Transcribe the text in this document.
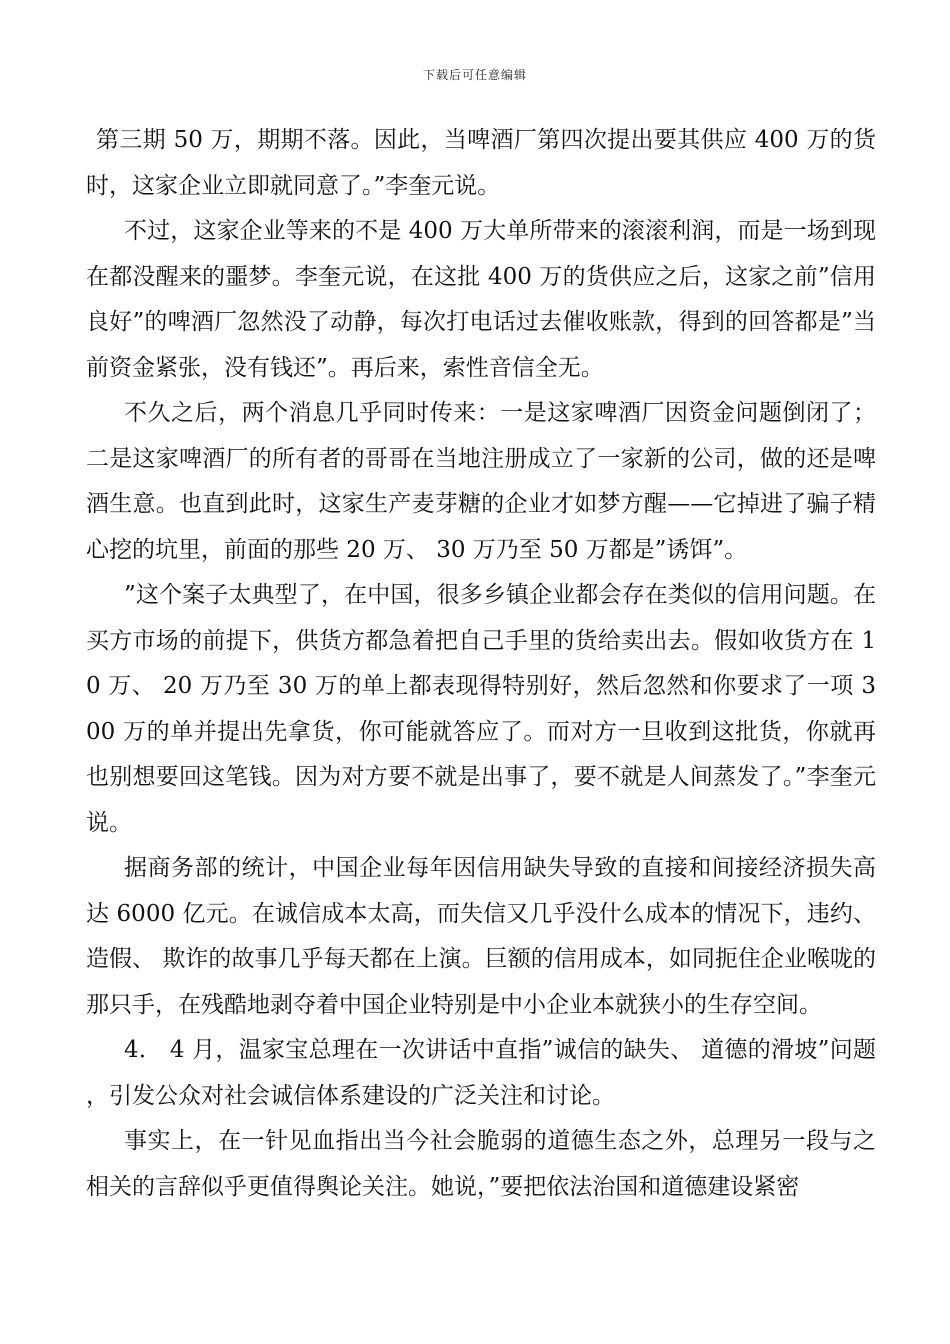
下载后可任意编辑

第三期 50 万，期期不落。因此，当啤酒厂第四次提出要其供应 400 万的货时，这家企业立即就同意了。”李奎元说。

不过，这家企业等来的不是 400 万大单所带来的滚滚利润，而是一场到现在都没醒来的噩梦。李奎元说，在这批 400 万的货供应之后，这家之前”信用良好”的啤酒厂忽然没了动静，每次打电话过去催收账款，得到的回答都是”当前资金紧张，没有钱还”。再后来，索性音信全无。

不久之后，两个消息几乎同时传来：一是这家啤酒厂因资金问题倒闭了；二是这家啤酒厂的所有者的哥哥在当地注册成立了一家新的公司，做的还是啤酒生意。也直到此时，这家生产麦芽糖的企业才如梦方醒——它掉进了骗子精心挖的坑里，前面的那些 20 万、 30 万乃至 50 万都是”诱饵”。

”这个案子太典型了，在中国，很多乡镇企业都会存在类似的信用问题。在买方市场的前提下，供货方都急着把自己手里的货给卖出去。假如收货方在 10 万、 20 万乃至 30 万的单上都表现得特别好，然后忽然和你要求了一项 300 万的单并提出先拿货，你可能就答应了。而对方一旦收到这批货，你就再也别想要回这笔钱。因为对方要不就是出事了，要不就是人间蒸发了。”李奎元说。

据商务部的统计，中国企业每年因信用缺失导致的直接和间接经济损失高达 6000 亿元。在诚信成本太高，而失信又几乎没什么成本的情况下，违约、 造假、 欺诈的故事几乎每天都在上演。巨额的信用成本，如同扼住企业喉咙的那只手，在残酷地剥夺着中国企业特别是中小企业本就狭小的生存空间。

4． 4 月，温家宝总理在一次讲话中直指”诚信的缺失、 道德的滑坡”问题，引发公众对社会诚信体系建设的广泛关注和讨论。

事实上，在一针见血指出当今社会脆弱的道德生态之外，总理另一段与之相关的言辞似乎更值得舆论关注。她说，”要把依法治国和道德建设紧密
